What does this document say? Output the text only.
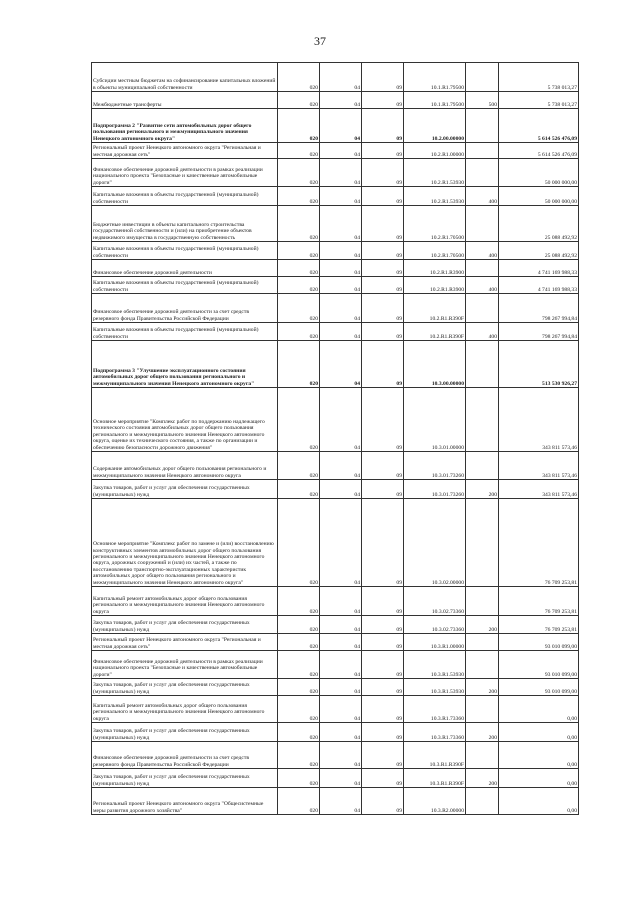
37
Субсидии местным бюджетам на софинансирование капитальных вложений в объекты муниципальной собственности	020	04	09	10.1.R1.79500		5 738 013,27
Межбюджетные трансферты	020	04	09	10.1.R1.79500	500	5 738 013,27
Подпрограмма 2 "Развитие сети автомобильных дорог общего пользования регионального и межмуниципального значения Ненецкого автономного округа"	020	04	09	10.2.00.00000		5 614 526 476,09
Региональный проект Ненецкого автономного округа "Региональная и местная дорожная сеть"	020	04	09	10.2.R1.00000		5 614 526 476,09
Финансовое обеспечение дорожной деятельности в рамках реализации национального проекта "Безопасные и качественные автомобильные дороги"	020	04	09	10.2.R1.53930		50 000 000,00
Капитальные вложения в объекты государственной (муниципальной) собственности	020	04	09	10.2.R1.53930	400	50 000 000,00
Бюджетные инвестиции в объекты капитального строительства государственной собственности и (или) на приобретение объектов недвижимого имущества в государственную собственность	020	04	09	10.2.R1.70500		25 088 492,92
Капитальные вложения в объекты государственной (муниципальной) собственности	020	04	09	10.2.R1.70500	400	25 088 492,92
Финансовое обеспечение дорожной деятельности	020	04	09	10.2.R1.R3900		4 741 169 988,33
Капитальные вложения в объекты государственной (муниципальной) собственности	020	04	09	10.2.R1.R3900	400	4 741 169 988,33
Финансовое обеспечение дорожной деятельности за счет средств резервного фонда Правительства Российской Федерации	020	04	09	10.2.R1.R390F		798 267 994,84
Капитальные вложения в объекты государственной (муниципальной) собственности	020	04	09	10.2.R1.R390F	400	798 267 994,84
Подпрограмма 3 "Улучшение эксплуатационного состояния автомобильных дорог общего пользования регионального и межмуниципального значения Ненецкого автономного округа"	020	04	09	10.3.00.00000		513 530 926,27
Основное мероприятие "Комплекс работ по поддержанию надлежащего технического состояния автомобильных дорог общего пользования регионального и межмуниципального значения Ненецкого автономного округа, оценке их технического состояния, а также по организации и обеспечению безопасности дорожного движения"	020	04	09	10.3.01.00000		343 811 573,46
Содержание автомобильных дорог общего пользования регионального и межмуниципального значения Ненецкого автономного округа	020	04	09	10.3.01.73260		343 811 573,46
Закупка товаров, работ и услуг для обеспечения государственных (муниципальных) нужд	020	04	09	10.3.01.73260	200	343 811 573,46
Основное мероприятие "Комплекс работ по замене и (или) восстановлению конструктивных элементов автомобильных дорог общего пользования регионального и межмуниципального значения Ненецкого автономного округа, дорожных сооружений и (или) их частей, а также по восстановлению транспортно-эксплуатационных характеристик автомобильных дорог общего пользования регионального и межмуниципального значения Ненецкого автономного округа"	020	04	09	10.3.02.00000		76 709 253,81
Капитальный ремонт автомобильных дорог общего пользования регионального и межмуниципального значения Ненецкого автономного округа	020	04	09	10.3.02.73360		76 709 253,81
Закупка товаров, работ и услуг для обеспечения государственных (муниципальных) нужд	020	04	09	10.3.02.73360	200	76 709 253,81
Региональный проект Ненецкого автономного округа "Региональная и местная дорожная сеть"	020	04	09	10.3.R1.00000		93 010 099,00
Финансовое обеспечение дорожной деятельности в рамках реализации национального проекта "Безопасные и качественные автомобильные дороги"	020	04	09	10.3.R1.53930		93 010 099,00
Закупка товаров, работ и услуг для обеспечения государственных (муниципальных) нужд	020	04	09	10.3.R1.53930	200	93 010 099,00
Капитальный ремонт автомобильных дорог общего пользования регионального и межмуниципального значения Ненецкого автономного округа	020	04	09	10.3.R1.73360		0,00
Закупка товаров, работ и услуг для обеспечения государственных (муниципальных) нужд	020	04	09	10.3.R1.73360	200	0,00
Финансовое обеспечение дорожной деятельности за счет средств резервного фонда Правительства Российской Федерации	020	04	09	10.3.R1.R390F		0,00
Закупка товаров, работ и услуг для обеспечения государственных (муниципальных) нужд	020	04	09	10.3.R1.R390F	200	0,00
Региональный проект Ненецкого автономного округа "Общесистемные меры развития дорожного хозяйства"	020	04	09	10.3.R2.00000		0,00
